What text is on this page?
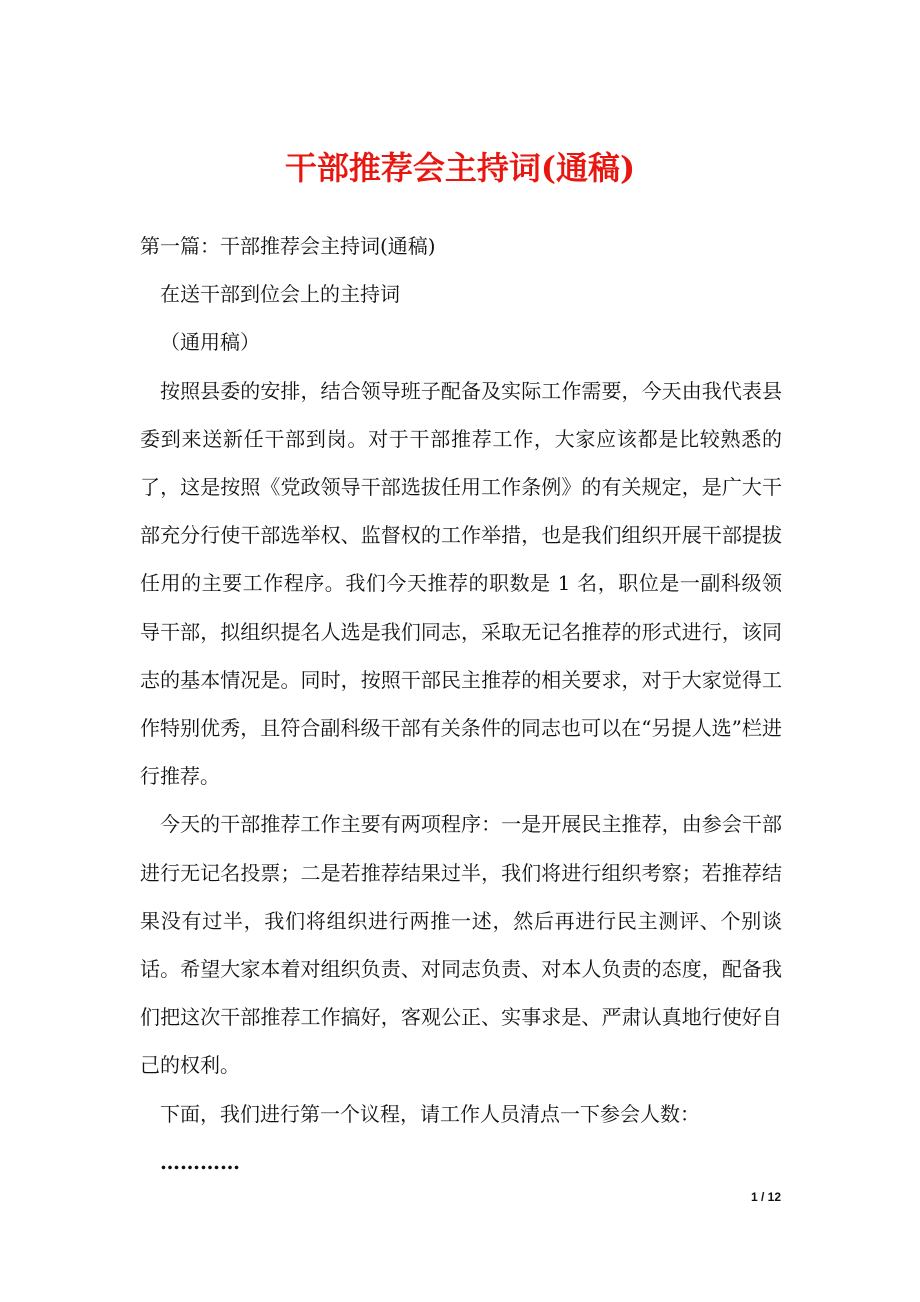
干部推荐会主持词(通稿)

第一篇：干部推荐会主持词(通稿)

在送干部到位会上的主持词

（通用稿）

按照县委的安排，结合领导班子配备及实际工作需要，今天由我代表县委到来送新任干部到岗。对于干部推荐工作，大家应该都是比较熟悉的了，这是按照《党政领导干部选拔任用工作条例》的有关规定，是广大干部充分行使干部选举权、监督权的工作举措，也是我们组织开展干部提拔任用的主要工作程序。我们今天推荐的职数是 1 名，职位是一副科级领导干部，拟组织提名人选是我们同志，采取无记名推荐的形式进行，该同志的基本情况是。同时，按照干部民主推荐的相关要求，对于大家觉得工作特别优秀，且符合副科级干部有关条件的同志也可以在“另提人选”栏进行推荐。

今天的干部推荐工作主要有两项程序：一是开展民主推荐，由参会干部进行无记名投票；二是若推荐结果过半，我们将进行组织考察；若推荐结果没有过半，我们将组织进行两推一述，然后再进行民主测评、个别谈话。希望大家本着对组织负责、对同志负责、对本人负责的态度，配备我们把这次干部推荐工作搞好，客观公正、实事求是、严肃认真地行使好自己的权利。

下面，我们进行第一个议程，请工作人员清点一下参会人数：

…………

1 / 12
